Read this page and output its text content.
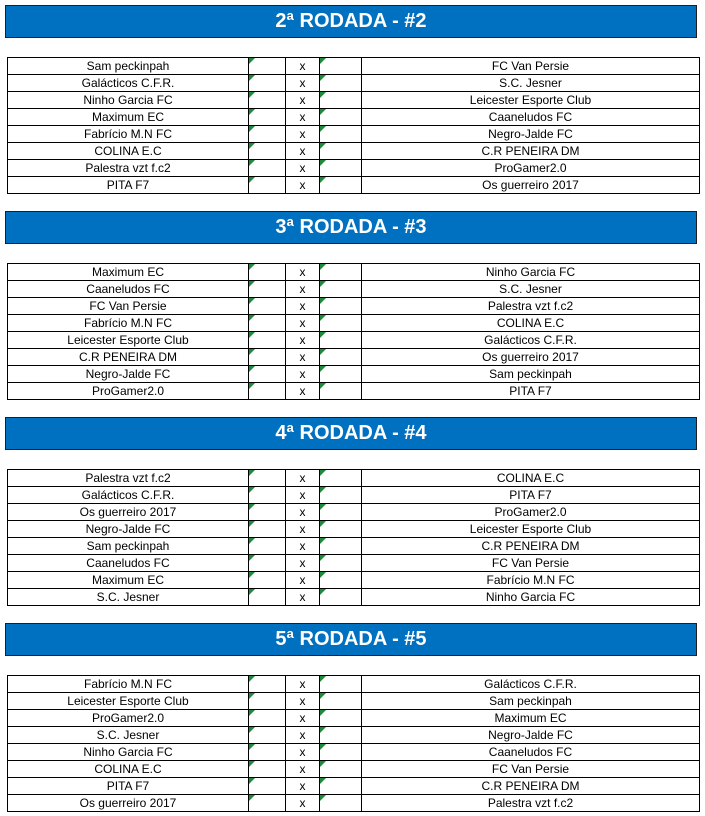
2ª RODADA - #2
Sam peckinpah		x		FC Van Persie
Galácticos C.F.R.		x		S.C. Jesner
Ninho Garcia FC		x		Leicester Esporte Club
Maximum EC		x		Caaneludos FC
Fabrício M.N FC		x		Negro-Jalde FC
COLINA E.C		x		C.R PENEIRA DM
Palestra vzt f.c2		x		ProGamer2.0
PITA F7		x		Os guerreiro 2017
3ª RODADA - #3
Maximum EC		x		Ninho Garcia FC
Caaneludos FC		x		S.C. Jesner
FC Van Persie		x		Palestra vzt f.c2
Fabrício M.N FC		x		COLINA E.C
Leicester Esporte Club		x		Galácticos C.F.R.
C.R PENEIRA DM		x		Os guerreiro 2017
Negro-Jalde FC		x		Sam peckinpah
ProGamer2.0		x		PITA F7
4ª RODADA - #4
Palestra vzt f.c2		x		COLINA E.C
Galácticos C.F.R.		x		PITA F7
Os guerreiro 2017		x		ProGamer2.0
Negro-Jalde FC		x		Leicester Esporte Club
Sam peckinpah		x		C.R PENEIRA DM
Caaneludos FC		x		FC Van Persie
Maximum EC		x		Fabrício M.N FC
S.C. Jesner		x		Ninho Garcia FC
5ª RODADA - #5
Fabrício M.N FC		x		Galácticos C.F.R.
Leicester Esporte Club		x		Sam peckinpah
ProGamer2.0		x		Maximum EC
S.C. Jesner		x		Negro-Jalde FC
Ninho Garcia FC		x		Caaneludos FC
COLINA E.C		x		FC Van Persie
PITA F7		x		C.R PENEIRA DM
Os guerreiro 2017		x		Palestra vzt f.c2
